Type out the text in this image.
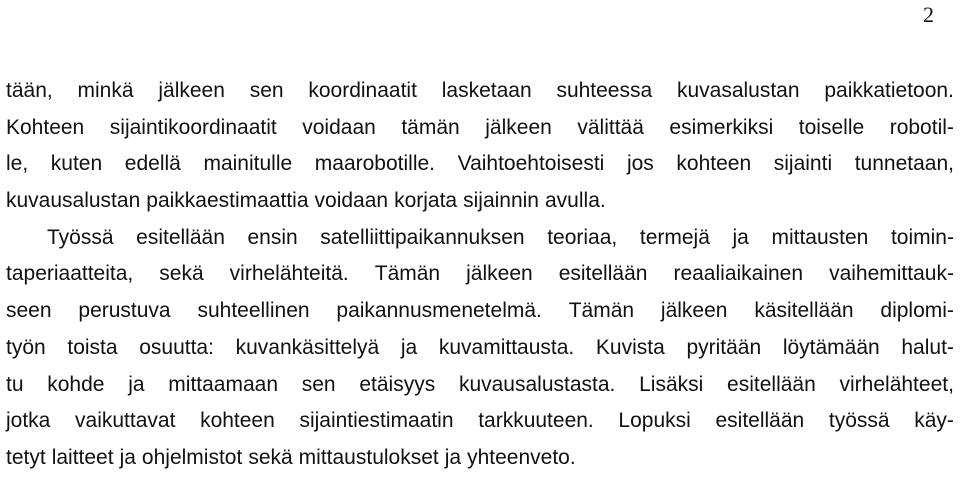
2
tään, minkä jälkeen sen koordinaatit lasketaan suhteessa kuvasalustan paikkatietoon.
Kohteen sijaintikoordinaatit voidaan tämän jälkeen välittää esimerkiksi toiselle robotil-
le, kuten edellä mainitulle maarobotille. Vaihtoehtoisesti jos kohteen sijainti tunnetaan,
kuvausalustan paikkaestimaattia voidaan korjata sijainnin avulla.
Työssä esitellään ensin satelliittipaikannuksen teoriaa, termejä ja mittausten toimin-
taperiaatteita, sekä virhelähteitä. Tämän jälkeen esitellään reaaliaikainen vaihemittauk-
seen perustuva suhteellinen paikannusmenetelmä. Tämän jälkeen käsitellään diplomi-
työn toista osuutta: kuvankäsittelyä ja kuvamittausta. Kuvista pyritään löytämään halut-
tu kohde ja mittaamaan sen etäisyys kuvausalustasta. Lisäksi esitellään virhelähteet,
jotka vaikuttavat kohteen sijaintiestimaatin tarkkuuteen. Lopuksi esitellään työssä käy-
tetyt laitteet ja ohjelmistot sekä mittaustulokset ja yhteenveto.
